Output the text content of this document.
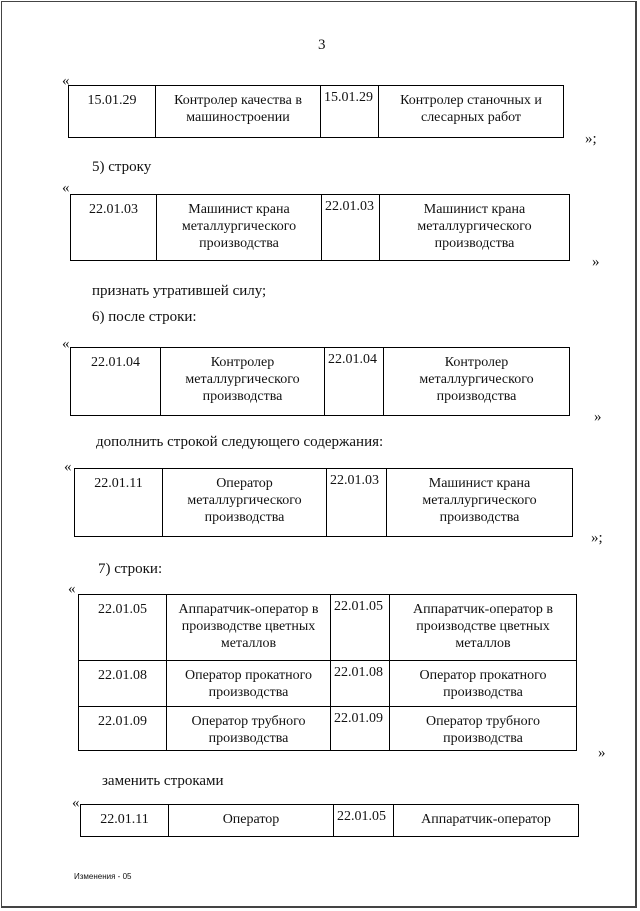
3
«
15.01.29	Контролер качества в машиностроении	15.01.29	Контролер станочных и слесарных работ
»;
5) строку
«
22.01.03	Машинист крана металлургического производства	22.01.03	Машинист крана металлургического производства
»
признать утратившей силу;
6) после строки:
«
22.01.04	Контролер металлургического производства	22.01.04	Контролер металлургического производства
»
дополнить строкой следующего содержания:
«
22.01.11	Оператор металлургического производства	22.01.03	Машинист крана металлургического производства
»;
7) строки:
«
22.01.05	Аппаратчик-оператор в производстве цветных металлов	22.01.05	Аппаратчик-оператор в производстве цветных металлов
22.01.08	Оператор прокатного производства	22.01.08	Оператор прокатного производства
22.01.09	Оператор трубного производства	22.01.09	Оператор трубного производства
»
заменить строками
«
22.01.11	Оператор	22.01.05	Аппаратчик-оператор
Изменения - 05
